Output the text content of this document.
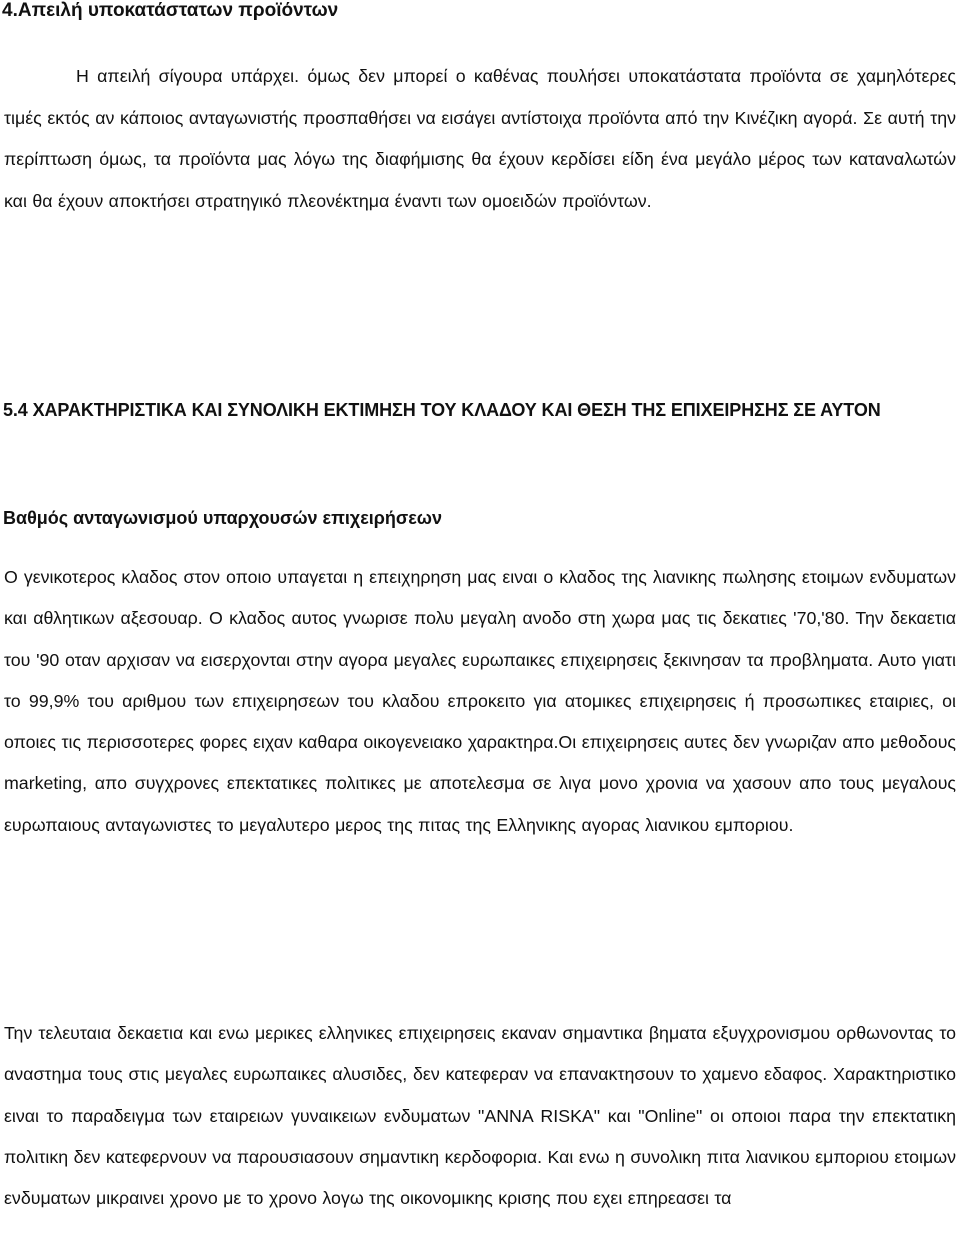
4.Απειλή υποκατάστατων προϊόντων

Η απειλή σίγουρα υπάρχει. όμως δεν μπορεί ο καθένας πουλήσει υποκατάστατα προϊόντα σε χαμηλότερες τιμές εκτός αν κάποιος ανταγωνιστής προσπαθήσει να εισάγει αντίστοιχα προϊόντα από την Κινέζικη αγορά. Σε αυτή την περίπτωση όμως, τα προϊόντα μας λόγω της διαφήμισης θα έχουν κερδίσει είδη ένα μεγάλο μέρος των καταναλωτών και θα έχουν αποκτήσει στρατηγικό πλεονέκτημα έναντι των ομοειδών προϊόντων.

5.4 ΧΑΡΑΚΤΗΡΙΣΤΙΚΑ ΚΑΙ ΣΥΝΟΛΙΚΗ ΕΚΤΙΜΗΣΗ ΤΟΥ ΚΛΑΔΟΥ ΚΑΙ ΘΕΣΗ ΤΗΣ ΕΠΙΧΕΙΡΗΣΗΣ ΣΕ ΑΥΤΟΝ
Βαθμός ανταγωνισμού υπαρχουσών επιχειρήσεων

Ο γενικοτερος κλαδος στον οποιο υπαγεται η επειχηρηση μας ειναι ο κλαδος της λιανικης πωλησης ετοιμων ενδυματων και αθλητικων αξεσουαρ. Ο κλαδος αυτος γνωρισε πολυ μεγαλη ανοδο στη χωρα μας τις δεκατιες '70,'80. Την δεκαετια του '90 οταν αρχισαν να εισερχονται στην αγορα μεγαλες ευρωπαικες επιχειρησεις ξεκινησαν τα προβληματα. Αυτο γιατι το 99,9% του αριθμου των επιχειρησεων του κλαδου επροκειτο για ατομικες επιχειρησεις ή προσωπικες εταιριες, οι οποιες τις περισσοτερες φορες ειχαν καθαρα οικογενειακο χαρακτηρα.Οι επιχειρησεις αυτες δεν γνωριζαν απο μεθοδους marketing, απο συγχρονες επεκτατικες πολιτικες με αποτελεσμα σε λιγα μονο χρονια να χασουν απο τους μεγαλους ευρωπαιους ανταγωνιστες το μεγαλυτερο μερος της πιτας της Ελληνικης αγορας λιανικου εμποριου.

Την τελευταια δεκαετια και ενω μερικες ελληνικες επιχειρησεις εκαναν σημαντικα βηματα εξυγχρονισμου ορθωνοντας το αναστημα τους στις μεγαλες ευρωπαικες αλυσιδες, δεν κατεφεραν να επανακτησουν το χαμενο εδαφος. Χαρακτηριστικο ειναι το παραδειγμα των εταιρειων γυναικειων ενδυματων "ANNA RISKA" και "Online" οι οποιοι παρα την επεκτατικη πολιτικη δεν κατεφερνουν να παρουσιασουν σημαντικη κερδοφορια. Και ενω η συνολικη πιτα λιανικου εμποριου ετοιμων ενδυματων μικραινει χρονο με το χρονο λογω της οικονομικης κρισης που εχει επηρεασει τα
